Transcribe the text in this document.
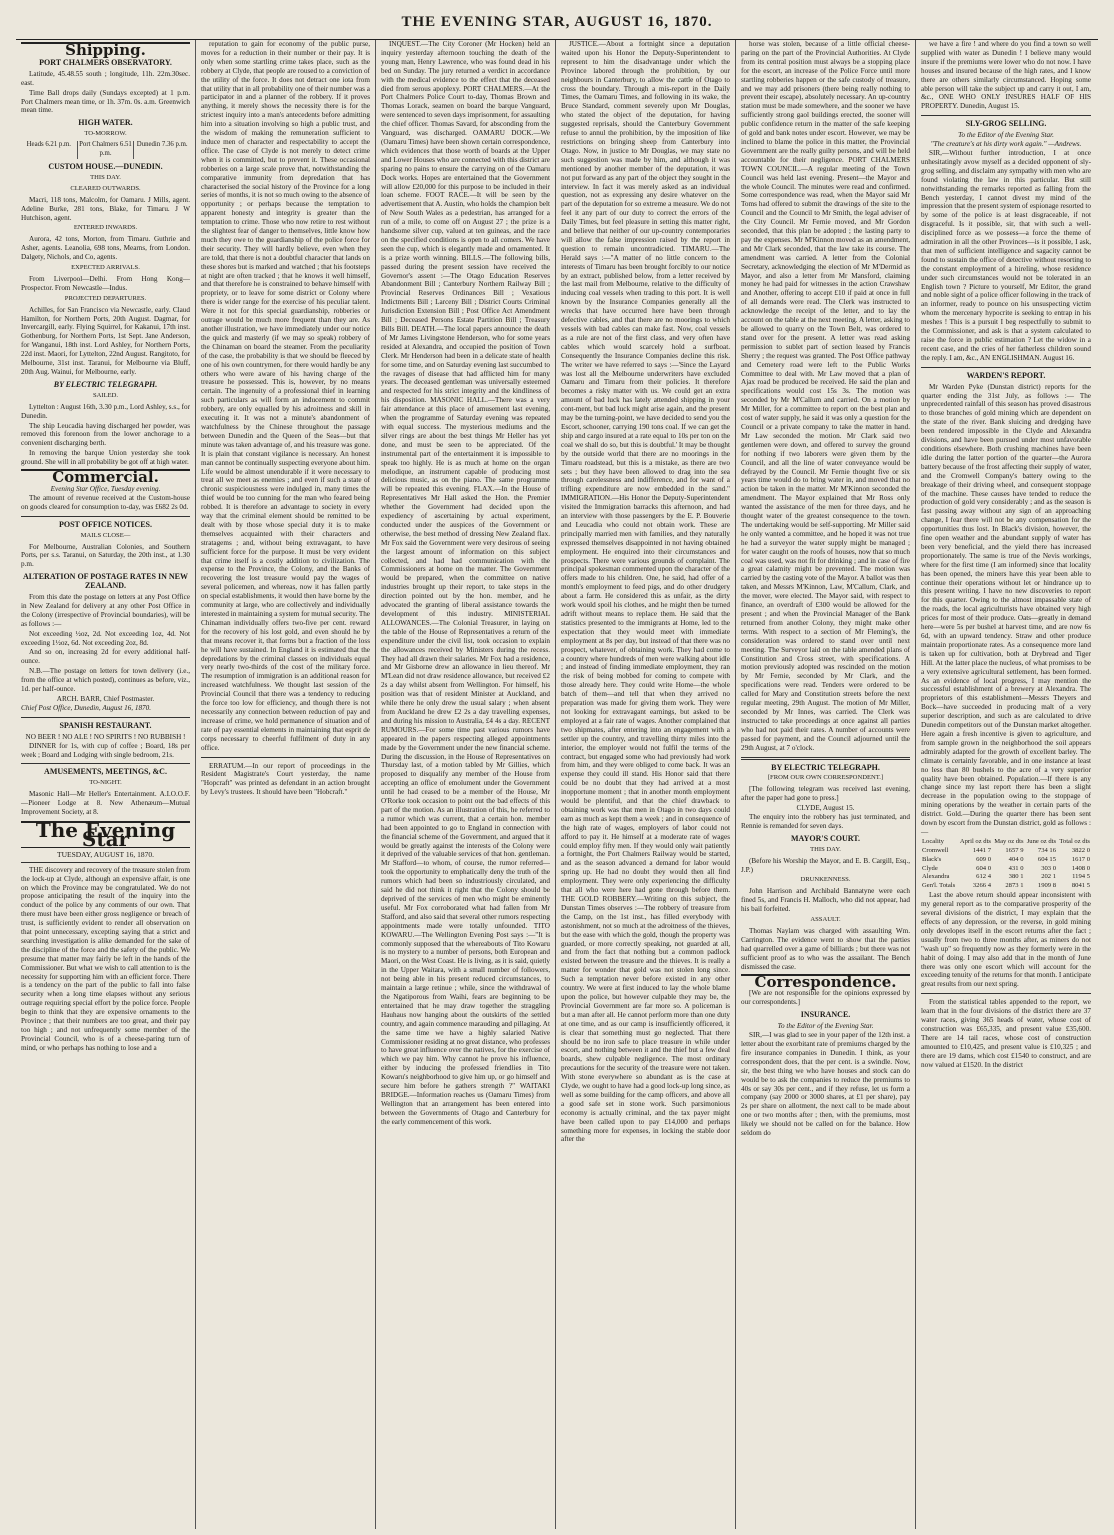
THE EVENING STAR, AUGUST 16, 1870.
Shipping.
PORT CHALMERS OBSERVATORY.

Latitude, 45.48.55 south ; longitude, 11h. 22m.30sec. east.

Time Ball drops daily (Sundays excepted) at 1 p.m. Port Chalmers mean time, or 1h. 37m. 0s. a.m. Greenwich mean time.

HIGH WATER.
TO-MORROW.
Heads 6.21 p.m.	Port Chalmers 6.51 p.m.
Dunedin 7.36 p.m.
CUSTOM HOUSE.—DUNEDIN.
THIS DAY.
CLEARED OUTWARDS.

Macri, 118 tons, Malcolm, for Oamaru. J Mills, agent. Adeline Burke, 281 tons, Blake, for Timaru. J W Hutchison, agent.

ENTERED INWARDS.

Aurora, 42 tons, Morton, from Timaru. Guthrie and Asher, agents. Leanolia, 698 tons, Mearns, from London. Dalgety, Nichols, and Co, agents.

EXPECTED ARRIVALS.

From Liverpool—Delhi. From Hong Kong—Prospector. From Newcastle—Indus.

PROJECTED DEPARTURES.

Achilles, for San Francisco via Newcastle, early. Claud Hamilton, for Northern Ports, 20th August. Dagmar, for Invercargill, early. Flying Squirrel, for Kakanui, 17th inst. Gothenburg, for Northern Ports, 1st Sept. Jane Anderson, for Wanganui, 18th inst. Lord Ashley, for Northern Ports, 22d inst. Maori, for Lyttelton, 22nd August. Rangitoto, for Melbourne, 31st inst. Taranui, for Melbourne via Bluff, 20th Aug. Wainui, for Melbourne, early.

BY ELECTRIC TELEGRAPH.
SAILED.

Lyttelton : August 16th, 3.30 p.m., Lord Ashley, s.s., for Dunedin.

The ship Leucadia having discharged her powder, was removed this forenoon from the lower anchorage to a convenient discharging berth.

In removing the barque Union yesterday she took ground. She will in all probability be got off at high water.

Commercial.
Evening Star Office, Tuesday evening.

The amount of revenue received at the Custom-house on goods cleared for consumption to-day, was £682 2s 0d.

POST OFFICE NOTICES.
MAILS CLOSE—

For Melbourne, Australian Colonies, and Southern Ports, per s.s. Taranui, on Saturday, the 20th inst., at 1.30 p.m.

ALTERATION OF POSTAGE RATES IN NEW ZEALAND.

From this date the postage on letters at any Post Office in New Zealand for delivery at any other Post Office in the Colony (irrespective of Provincial boundaries), will be as follows :—

Not exceeding ½oz, 2d. Not exceeding 1oz, 4d. Not exceeding 1½oz, 6d. Not exceeding 2oz, 8d.

And so on, increasing 2d for every additional half-ounce.

N.B.—The postage on letters for town delivery (i.e., from the office at which posted), continues as before, viz., 1d. per half-ounce.

ARCH. BARR, Chief Postmaster.
Chief Post Office, Dunedin, August 16, 1870.
SPANISH RESTAURANT.
NO BEER ! NO ALE ! NO SPIRITS ! NO RUBBISH !

DINNER for 1s, with cup of coffee ; Board, 18s per week ; Board and Lodging with single bedroom, 21s.

AMUSEMENTS, MEETINGS, &C.
TO-NIGHT.

Masonic Hall—Mr Heller's Entertainment. A.I.O.O.F.—Pioneer Lodge at 8. New Athenæum—Mutual Improvement Society, at 8.

The Evening Star
TUESDAY, AUGUST 16, 1870.

THE discovery and recovery of the treasure stolen from the lock-up at Clyde, although an expensive affair, is one on which the Province may be congratulated. We do not propose anticipating the result of the inquiry into the conduct of the police by any comments of our own. That there must have been either gross negligence or breach of trust, is sufficiently evident to render all observation on that point unnecessary, excepting saying that a strict and searching investigation is alike demanded for the sake of the discipline of the force and the safety of the public. We presume that matter may fairly be left in the hands of the Commissioner. But what we wish to call attention to is the necessity for supporting him with an efficient force. There is a tendency on the part of the public to fall into false security when a long time elapses without any serious outrage requiring special effort by the police force. People begin to think that they are expensive ornaments to the Province ; that their numbers are too great, and their pay too high ; and not unfrequently some member of the Provincial Council, who is of a cheese-paring turn of mind, or who perhaps has nothing to lose and a

reputation to gain for economy of the public purse, moves for a reduction in their number or their pay. It is only when some startling crime takes place, such as the robbery at Clyde, that people are roused to a conviction of the utility of the force. It does not detract one iota from that utility that in all probability one of their number was a participator in and a planner of the robbery. If it proves anything, it merely shows the necessity there is for the strictest inquiry into a man's antecedents before admitting him into a situation involving so high a public trust, and the wisdom of making the remuneration sufficient to induce men of character and respectability to accept the office. The case of Clyde is not merely to detect crime when it is committed, but to prevent it. These occasional robberies on a large scale prove that, notwithstanding the comparative immunity from depredation that has characterised the social history of the Province for a long series of months, it is not so much owing to the absence of opportunity ; or perhaps because the temptation to apparent honesty and integrity is greater than the temptation to crime. Those who now retire to rest without the slightest fear of danger to themselves, little know how much they owe to the guardianship of the police force for their security. They will hardly believe, even when they are told, that there is not a doubtful character that lands on these shores but is marked and watched ; that his footsteps at night are often tracked ; that he knows it well himself, and that therefore he is constrained to behave himself with propriety, or to leave for some district or Colony where there is wider range for the exercise of his peculiar talent. Were it not for this special guardianship, robberies or outrage would be much more frequent than they are. As another illustration, we have immediately under our notice the quick and masterly (if we may so speak) robbery of the Chinaman on board the steamer. From the peculiarity of the case, the probability is that we should be fleeced by one of his own countrymen, for there would hardly be any others who were aware of his having charge of the treasure he possessed. This is, however, by no means certain. The ingenuity of a professional thief in learning such particulars as will form an inducement to commit robbery, are only equalled by his adroitness and skill in executing it. It was not a minute's abandonment of watchfulness by the Chinese throughout the passage between Dunedin and the Queen of the Seas—but that minute was taken advantage of, and his treasure was gone. It is plain that constant vigilance is necessary. An honest man cannot be continually suspecting everyone about him. Life would be almost unendurable if it were necessary to treat all we meet as enemies ; and even if such a state of chronic suspiciousness were indulged in, many times the thief would be too cunning for the man who feared being robbed. It is therefore an advantage to society in every way that the criminal element should be remitted to be dealt with by those whose special duty it is to make themselves acquainted with their characters and stratagems ; and, without being extravagant, to have sufficient force for the purpose. It must be very evident that crime itself is a costly addition to civilization. The expense to the Province, the Colony, and the Banks of recovering the lost treasure would pay the wages of several policemen, and whereas, now it has fallen partly on special establishments, it would then have borne by the community at large, who are collectively and individually interested in maintaining a system for mutual security. The Chinaman individually offers two-five per cent. reward for the recovery of his lost gold, and even should he by that means recover it, that forms but a fraction of the loss he will have sustained. In England it is estimated that the depredations by the criminal classes on individuals equal very nearly two-thirds of the cost of the military force. The resumption of immigration is an additional reason for increased watchfulness. We thought last session of the Provincial Council that there was a tendency to reducing the force too low for efficiency, and though there is not necessarily any connection between reduction of pay and increase of crime, we hold permanence of situation and of rate of pay essential elements in maintaining that esprit de corps necessary to cheerful fulfilment of duty in any office.

ERRATUM.—In our report of proceedings in the Resident Magistrate's Court yesterday, the name "Hopcraft" was printed as defendant in an action brought by Levy's trustees. It should have been "Hobcraft."

INQUEST.—The City Coroner (Mr Hocken) held an inquiry yesterday afternoon touching the death of the young man, Henry Lawrence, who was found dead in his bed on Sunday. The jury returned a verdict in accordance with the medical evidence to the effect that the deceased died from serous apoplexy. PORT CHALMERS.—At the Port Chalmers Police Court to-day, Thomas Brown and Thomas Lorack, seamen on board the barque Vanguard, were sentenced to seven days imprisonment, for assaulting the chief officer. Thomas Savard, for absconding from the Vanguard, was discharged. OAMARU DOCK.—We (Oamaru Times) have been shown certain correspondence, which evidences that those worth of boards at the Upper and Lower Houses who are connected with this district are sparing no pains to ensure the carrying on of the Oamaru Dock works. Hopes are entertained that the Government will allow £20,000 for this purpose to be included in their loan scheme. FOOT RACE.—It will be seen by the advertisement that A. Austin, who holds the champion belt of New South Wales as a pedestrian, has arranged for a run of a mile, to come off on August 27 ; the prize is a handsome silver cup, valued at ten guineas, and the race on the specified conditions is open to all comers. We have seen the cup, which is elegantly made and ornamented. It is a prize worth winning. BILLS.—The following bills, passed during the present session have received the Governor's assent :—The Otago Education Reserves Abandonment Bill ; Canterbury Northern Railway Bill ; Provincial Reserves Ordinances Bill ; Vexatious Indictments Bill ; Larceny Bill ; District Courts Criminal Jurisdiction Extension Bill ; Post Office Act Amendment Bill ; Deceased Persons Estate Partition Bill ; Treasury Bills Bill. DEATH.—The local papers announce the death of Mr James Livingstone Henderson, who for some years resided at Alexandra, and occupied the position of Town Clerk. Mr Henderson had been in a delicate state of health for some time, and on Saturday evening last succumbed to the ravages of disease that had afflicted him for many years. The deceased gentleman was universally esteemed and respected for his strict integrity and the kindliness of his disposition. MASONIC HALL.—There was a very fair attendance at this place of amusement last evening, when the programme of Saturday evening was repeated with equal success. The mysterious mediums and the silver rings are about the best things Mr Heller has yet done, and must be seen to be appreciated. Of the instrumental part of the entertainment it is impossible to speak too highly. He is as much at home on the organ melodique, an instrument capable of producing most delicious music, as on the piano. The same programme will be repeated this evening. FLAX.—In the House of Representatives Mr Hall asked the Hon. the Premier whether the Government had decided upon the expediency of ascertaining by actual experiment, conducted under the auspices of the Government or otherwise, the best method of dressing New Zealand flax. Mr Fox said the Government were very desirous of seeing the largest amount of information on this subject collected, and had had communication with the Commissioners at home on the matter. The Government would be prepared, when the committee on native industries brought up their report, to take steps in the direction pointed out by the hon. member, and he advocated the granting of liberal assistance towards the development of this industry. MINISTERIAL ALLOWANCES.—The Colonial Treasurer, in laying on the table of the House of Representatives a return of the expenditure under the civil list, took occasion to explain the allowances received by Ministers during the recess. They had all drawn their salaries. Mr Fox had a residence, and Mr Gisborne drew an allowance in lieu thereof. Mr M'Lean did not draw residence allowance, but received £2 2s a day whilst absent from Wellington. For himself, his position was that of resident Minister at Auckland, and while there he only drew the usual salary ; when absent from Auckland he drew £2 2s a day travelling expenses, and during his mission to Australia, £4 4s a day. RECENT RUMOURS.—For some time past various rumors have appeared in the papers respecting alleged appointments made by the Government under the new financial scheme. During the discussion, in the House of Representatives on Thursday last, of a motion tabled by Mr Gillies, which proposed to disqualify any member of the House from accepting an office of emolument under the Government until he had ceased to be a member of the House, Mr O'Rorke took occasion to point out the bad effects of this part of the motion. As an illustration of this, he referred to a rumor which was current, that a certain hon. member had been appointed to go to England in connection with the financial scheme of the Government, and argued that it would be greatly against the interests of the Colony were it deprived of the valuable services of that hon. gentleman. Mr Stafford—to whom, of course, the rumor referred—took the opportunity to emphatically deny the truth of the rumors which had been so industriously circulated, and said he did not think it right that the Colony should be deprived of the services of men who might be eminently useful. Mr Fox corroborated what had fallen from Mr Stafford, and also said that several other rumors respecting appointments made were totally unfounded. TITO KOWARU.—The Wellington Evening Post says :—"It is commonly supposed that the whereabouts of Tito Kowaru is no mystery to a number of persons, both European and Maori, on the West Coast. He is living, as it is said, quietly in the Upper Waitara, with a small number of followers, not being able in his present reduced circumstances, to maintain a large retinue ; while, since the withdrawal of the Ngatiporous from Waihi, fears are beginning to be entertained that he may draw together the straggling Hauhaus now hanging about the outskirts of the settled country, and again commence marauding and pillaging. At the same time we have a highly salaried Native Commissioner residing at no great distance, who professes to have great influence over the natives, for the exercise of which we pay him. Why cannot he prove his influence, either by inducing the professed friendlies in Tito Kowaru's neighborhood to give him up, or go himself and secure him before he gathers strength ?" WAITAKI BRIDGE.—Information reaches us (Oamaru Times) from Wellington that an arrangement has been entered into between the Governments of Otago and Canterbury for the early commencement of this work.

JUSTICE.—About a fortnight since a deputation waited upon his Honor the Deputy-Superintendent to represent to him the disadvantage under which the Province labored through the prohibition, by our neighbours in Canterbury, to allow the cattle of Otago to cross the boundary. Through a mis-report in the Daily Times, the Oamaru Times, and following in its wake, the Bruce Standard, comment severely upon Mr Douglas, who stated the object of the deputation, for having suggested reprisals, should the Canterbury Government refuse to annul the prohibition, by the imposition of like restrictions on bringing sheep from Canterbury into Otago. Now, in justice to Mr Douglas, we may state no such suggestion was made by him, and although it was mentioned by another member of the deputation, it was not put forward as any part of the object they sought in the interview. In fact it was merely asked as an individual question, not as expressing any desire whatever on the part of the deputation for so extreme a measure. We do not feel it any part of our duty to correct the errors of the Daily Times, but feel pleasure in setting this matter right, and believe that neither of our up-country contemporaries will allow the false impression raised by the report in question to remain uncontradicted. TIMARU.—The Herald says :—"A matter of no little concern to the interests of Timaru has been brought forcibly to our notice by an extract, published below, from a letter received by the last mail from Melbourne, relative to the difficulty of inducing coal vessels when trading to this port. It is well known by the Insurance Companies generally all the wrecks that have occurred here have been through defective cables, and that there are no moorings to which vessels with bad cables can make fast. Now, coal vessels as a rule are not of the first class, and very often have cables which would scarcely hold a surfboat. Consequently the Insurance Companies decline this risk. The writer we have referred to says :—'Since the Layard was lost all the Melbourne underwriters have excluded Oamaru and Timaru from their policies. It therefore becomes a risky matter with us. We could get an extra amount of bad luck has lately attended shipping in your cont-ment, but bad luck might arise again, and the present may be the turning-point, we have decided to send you the Escort, schooner, carrying 190 tons coal. If we can get the ship and cargo insured at a rate equal to 10s per ton on the coal we shall do so, but this is doubtful.' It may be thought by the outside world that there are no moorings in the Timaru roadstead, but this is a mistake, as there are two sets ; but they have been allowed to drag into the sea through carelessness and indifference, and for want of a trifling expenditure are now embedded in the sand." IMMIGRATION.—His Honor the Deputy-Superintendent visited the Immigration barracks this afternoon, and had an interview with those passengers by the E. P. Bouverie and Leucadia who could not obtain work. These are principally married men with families, and they naturally expressed themselves disappointed in not having obtained employment. He enquired into their circumstances and prospects. There were various grounds of complaint. The principal spokesman commented upon the character of the offers made to his children. One, he said, had offer of a month's employment to feed pigs, and do other drudgery about a farm. He considered this as unfair, as the dirty work would spoil his clothes, and he might then be turned adrift without means to replace them. He said that the statistics presented to the immigrants at Home, led to the expectation that they would meet with immediate employment at 8s per day, but instead of that there was no prospect, whatever, of obtaining work. They had come to a country where hundreds of men were walking about idle ; and instead of finding immediate employment, they ran the risk of being mobbed for coming to compete with those already here. They could write Home—the whole batch of them—and tell that when they arrived no preparation was made for giving them work. They were not looking for extravagant earnings, but asked to be employed at a fair rate of wages. Another complained that two shipmates, after entering into an engagement with a settler up the country, and travelling thirty miles into the interior, the employer would not fulfil the terms of the contract, but engaged some who had previously had work from him, and they were obliged to come back. It was an expense they could ill stand. His Honor said that there could be no doubt that they had arrived at a most inopportune moment ; that in another month employment would be plentiful, and that the chief drawback to obtaining work was that men in Otago in two days could earn as much as kept them a week ; and in consequence of the high rate of wages, employers of labor could not afford to pay it. He himself at a moderate rate of wages could employ fifty men. If they would only wait patiently a fortnight, the Port Chalmers Railway would be started, and as the season advanced a demand for labor would spring up. He had no doubt they would then all find employment. They were only experiencing the difficulty that all who were here had gone through before them. THE GOLD ROBBERY.—Writing on this subject, the Dunstan Times observes :—The robbery of treasure from the Camp, on the 1st inst., has filled everybody with astonishment, not so much at the adroitness of the thieves, but the ease with which the gold, though the property was guarded, or more correctly speaking, not guarded at all, and from the fact that nothing but a common padlock existed between the treasure and the thieves. It is really a matter for wonder that gold was not stolen long since. Such a temptation never before existed in any other country. We were at first induced to lay the whole blame upon the police, but however culpable they may be, the Provincial Government are far more so. A policeman is but a man after all. He cannot perform more than one duty at one time, and as our camp is insufficiently officered, it is clear that something must go neglected. That there should be no iron safe to place treasure in while under escort, and nothing between it and the thief but a few deal boards, shew culpable negligence. The most ordinary precautions for the security of the treasure were not taken. With stone everywhere so abundant as is the case at Clyde, we ought to have had a good lock-up long since, as well as some building for the camp officers, and above all a good safe set in stone work. Such parsimonious economy is actually criminal, and the tax payer might have been called upon to pay £14,000 and perhaps something more for expenses, in locking the stable door after the

horse was stolen, because of a little official cheese-paring on the part of the Provincial Authorities. At Clyde from its central position must always be a stopping place for the escort, an increase of the Police Force until more startling robberies happen or the safe custody of treasure, and we may add prisoners (there being really nothing to prevent their escape), absolutely necessary. An up-country station must be made somewhere, and the sooner we have sufficiently strong gaol buildings erected, the sooner will public confidence return in the matter of the safe keeping of gold and bank notes under escort. However, we may be inclined to blame the police in this matter, the Provincial Government are the really guilty persons, and will be held accountable for their negligence. PORT CHALMERS TOWN COUNCIL.—A regular meeting of the Town Council was held last evening. Present—the Mayor and the whole Council. The minutes were read and confirmed. Some correspondence was read, when the Mayor said Mr Toms had offered to submit the drawings of the site to the Council and the Council to Mr Smith, the legal adviser of the City Council. Mr Fernie moved, and Mr Gordon seconded, that this plan be adopted ; the lasting party to pay the expenses. Mr M'Kinnon moved as an amendment, and Mr Clark seconded, that the law take its course. The amendment was carried. A letter from the Colonial Secretary, acknowledging the election of Mr M'Dermid as Mayor, and also a letter from Mr Mansford, claiming money he had paid for witnesses in the action Crawshaw and Another, offering to accept £10 if paid at once in full of all demands were read. The Clerk was instructed to acknowledge the receipt of the letter, and to lay the account on the table at the next meeting. A letter, asking to be allowed to quarry on the Town Belt, was ordered to stand over for the present. A letter was read asking permission to sublet part of section leased by Francis Sherry ; the request was granted. The Post Office pathway and Cemetery road were left to the Public Works Committee to deal with. Mr Law moved that a plan of Ajax road be produced be received. He said the plan and specifications would cost 15s 3s. The motion was seconded by Mr M'Callum and carried. On a motion by Mr Miller, for a committee to report on the best plan and cost of water supply, he said it was only a question for the Council or a private company to take the matter in hand. Mr Law seconded the motion. Mr Clark said two gentlemen were down, and offered to survey the ground for nothing if two laborers were given them by the Council, and all the line of water conveyance would be defrayed by the Council. Mr Fernie thought five or six years time would do to bring water in, and moved that no action be taken in the matter. Mr M'Kinnon seconded the amendment. The Mayor explained that Mr Ross only wanted the assistance of the men for three days, and he thought water of the greatest consequence to the town. The undertaking would be self-supporting. Mr Miller said he only wanted a committee, and he hoped it was not true he had a surveyor the water supply might be managed ; for water caught on the roofs of houses, now that so much coal was used, was not fit for drinking ; and in case of fire a great calamity might be prevented. The motion was carried by the casting vote of the Mayor. A ballot was then taken, and Messrs M'Kinnon, Law, M'Callum, Clark, and the mover, were elected. The Mayor said, with respect to finance, an overdraft of £300 would be allowed for the present ; and when the Provincial Manager of the Bank returned from another Colony, they might make other terms. With respect to a section of Mr Fleming's, the consideration was ordered to stand over until next meeting. The Surveyor laid on the table amended plans of Constitution and Cross street, with specifications. A motion previously adopted was rescinded on the motion by Mr Fernie, seconded by Mr Clark, and the specifications were read. Tenders were ordered to be called for Mary and Constitution streets before the next regular meeting, 29th August. The motion of Mr Miller, seconded by Mr Innes, was carried. The Clerk was instructed to take proceedings at once against all parties who had not paid their rates. A number of accounts were passed for payment, and the Council adjourned until the 29th August, at 7 o'clock.

BY ELECTRIC TELEGRAPH.
[FROM OUR OWN CORRESPONDENT.]

[The following telegram was received last evening, after the paper had gone to press.]

CLYDE, August 15.

The enquiry into the robbery has just terminated, and Rennie is remanded for seven days.

MAYOR'S COURT.
THIS DAY.

(Before his Worship the Mayor, and E. B. Cargill, Esq., J.P.)

DRUNKENNESS.

John Harrison and Archibald Bannatyne were each fined 5s, and Francis H. Malloch, who did not appear, had his bail forfeited.

ASSAULT.

Thomas Naylam was charged with assaulting Wm. Carrington. The evidence went to show that the parties had quarrelled over a game of billiards ; but there was not sufficient proof as to who was the assailant. The Bench dismissed the case.

Correspondence.

[We are not responsible for the opinions expressed by our correspondents.]

INSURANCE.
To the Editor of the Evening Star.

SIR,—I was glad to see in your paper of the 12th inst. a letter about the exorbitant rate of premiums charged by the fire insurance companies in Dunedin. I think, as your correspondent does, that the per cent. is a swindle. Now, sir, the best thing we who have houses and stock can do would be to ask the companies to reduce the premiums to 40s or say 30s per cent., and if they refuse, let us form a company (say 2000 or 3000 shares, at £1 per share), pay 2s per share on allotment, the next call to be made about one or two months after ; then, with the premiums, most likely we should not be called on for the balance. How seldom do

we have a fire ! and where do you find a town so well supplied with water as Dunedin ! I believe many would insure if the premiums were lower who do not now. I have houses and insured because of the high rates, and I know there are others similarly circumstanced. Hoping some able person will take the subject up and carry it out, I am, &c., ONE WHO ONLY INSURES HALF OF HIS PROPERTY. Dunedin, August 15.

SLY-GROG SELLING.
To the Editor of the Evening Star.
"The creature's at his dirty work again." —Andrews.

SIR,—Without further introduction, I at once unhesitatingly avow myself as a decided opponent of sly-grog selling, and disclaim any sympathy with men who are found violating the law in this particular. But still notwithstanding the remarks reported as falling from the Bench yesterday, I cannot divest my mind of the impression that the present system of espionage resorted to by some of the police is at least disgraceable, if not disgraceful. Is it possible, sir, that with such a well-disciplined force as we possess—a force the theme of admiration in all the other Provinces—is it possible, I ask, that men of sufficient intelligence and sagacity cannot be found to sustain the office of detective without resorting to the constant employment of a hireling, whose residence under such circumstances would not be tolerated in an English town ? Picture to yourself, Mr Editor, the grand and noble sight of a police officer following in the track of an informer, ready to pounce on his unsuspecting victim whom the mercenary hypocrite is seeking to entrap in his meshes ! This is a pursuit I beg respectfully to submit to the Commissioner, and ask is that a system calculated to raise the force in public estimation ? Let the widow in a recent case, and the cries of her fatherless children sound the reply. I am, &c., AN ENGLISHMAN. August 16.

WARDEN'S REPORT.

Mr Warden Pyke (Dunstan district) reports for the quarter ending the 31st July, as follows :— The unprecedented rainfall of this season has proved disastrous to those branches of gold mining which are dependent on the state of the river. Bank sluicing and dredging have been rendered impossible in the Clyde and Alexandra divisions, and have been pursued under most unfavorable conditions elsewhere. Both crushing machines have been idle during the latter portion of the quarter—the Aurora battery because of the frost affecting their supply of water, and the Cromwell Company's battery owing to the breakage of their driving wheel, and consequent stoppage of the machine. These causes have tended to reduce the production of gold very considerably ; and as the season is fast passing away without any sign of an approaching change, I fear there will not be any compensation for the opportunities thus lost. In Black's division, however, the fine open weather and the abundant supply of water has been very beneficial, and the yield there has increased proportionately. The same is true of the Nevis workings, where for the first time (I am informed) since that locality has been opened, the miners have this year been able to continue their operations without let or hindrance up to this present writing. I have no new discoveries to report for this quarter. Owing to the almost impassable state of the roads, the local agriculturists have obtained very high prices for most of their produce. Oats—greatly in demand here—were 5s per bushel at harvest time, and are now 6s 6d, with an upward tendency. Straw and other produce maintain proportionate rates. As a consequence more land is taken up for cultivation, both at Drybread and Tiger Hill. At the latter place the nucleus, of what promises to be a very extensive agricultural settlement, has been formed. As an evidence of local progress, I may mention the successful establishment of a brewery at Alexandra. The proprietors of this establishment—Messrs Theyers and Bock—have succeeded in producing malt of a very superior description, and such as are calculated to drive Dunedin competitors out of the Dunstan market altogether. Here again a fresh incentive is given to agriculture, and from sample grown in the neighborhood the soil appears admirably adapted for the growth of excellent barley. The climate is certainly favorable, and in one instance at least no less than 80 bushels to the acre of a very superior quality have been obtained. Population.—If there is any change since my last report there has been a slight decrease in the population owing to the stoppage of mining operations by the weather in certain parts of the district. Gold.—During the quarter there has been sent down by escort from the Dunstan district, gold as follows :—

Locality	April oz dts	May oz dts	June oz dts	Total oz dts
Cromwell	1441 7	1657 9	734 16	3822 0
Black's	609 0	404 0	604 15	1617 0
Clyde	604 0	431 0	303 0	1408 0
Alexandra	612 4	380 1	202 1	1194 5
Gen'l. Totals	3266 4	2873 1	1909 8	8041 5

Last the above return should appear inconsistent with my general report as to the comparative prosperity of the several divisions of the district, I may explain that the effects of any depression, or the reverse, in gold mining only developes itself in the escort returns after the fact ; usually from two to three months after, as miners do not "wash up" so frequently now as they formerly were in the habit of doing. I may also add that in the month of June there was only one escort which will account for the exceeding tenuity of the returns for that month. I anticipate great results from our next spring.

From the statistical tables appended to the report, we learn that in the four divisions of the district there are 37 water races, giving 365 heads of water, whose cost of construction was £65,335, and present value £35,600. There are 14 tail races, whose cost of construction amounted to £10,425, and present value is £10,325 ; and there are 19 dams, which cost £1540 to construct, and are now valued at £1520. In the district
